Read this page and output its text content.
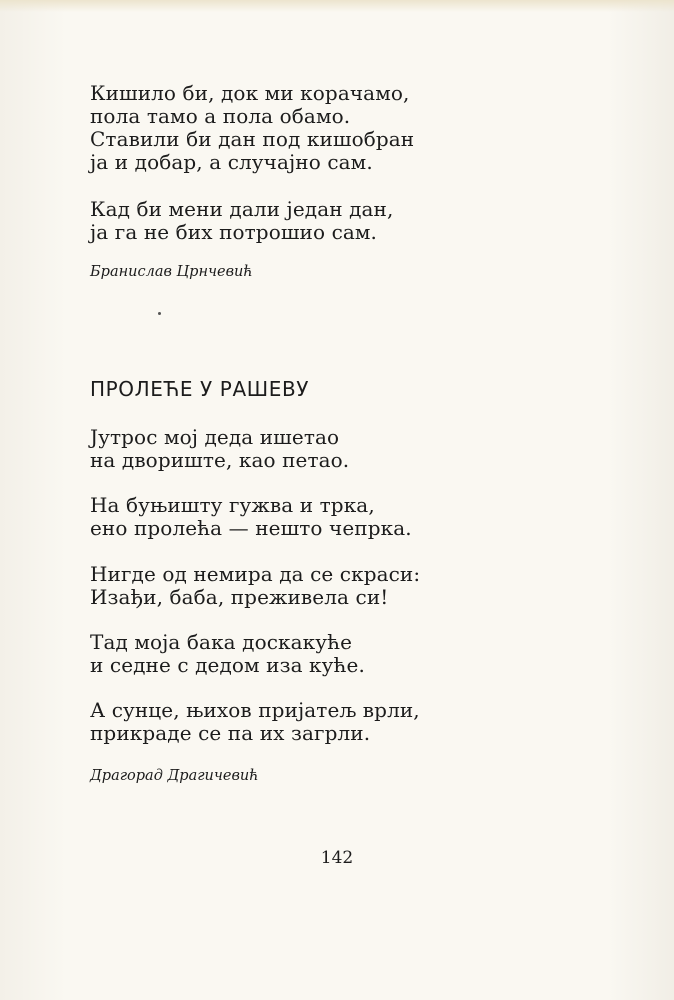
Кишило би, док ми корачамо,
пола тамо а пола обамо.
Ставили би дан под кишобран
ја и добар, а случајно сам.
Кад би мени дали један дан,
ја га не бих потрошио сам.
Бранислав Црнчевић
ПРОЛЕЋЕ У РАШЕВУ
Јутрос мој деда ишетао
на двориште, као петао.
На буњишту гужва и трка,
ено пролећа — нешто чепрка.
Нигде од немира да се скраси:
Изађи, баба, преживела си!
Тад моја бака доскакуће
и седне с дедом иза куће.
А сунце, њихов пријатељ врли,
прикраде се па их загрли.
Драгорад Драгичевић
142
